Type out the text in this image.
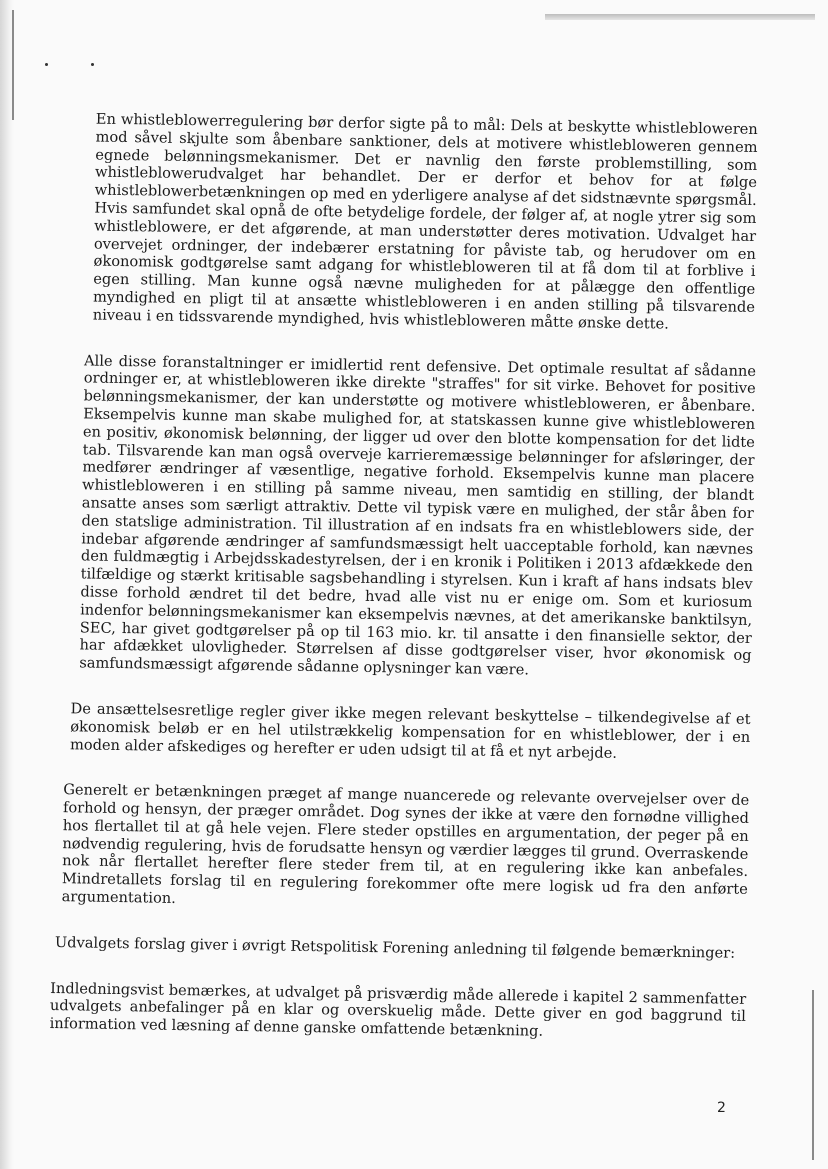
En whistleblowerregulering bør derfor sigte på to mål: Dels at beskytte whistlebloweren mod såvel skjulte som åbenbare sanktioner, dels at motivere whistlebloweren gennem egnede belønningsmekanismer. Det er navnlig den første problemstilling, som whistleblowerudvalget har behandlet. Der er derfor et behov for at følge whistleblowerbetænkningen op med en yderligere analyse af det sidstnævnte spørgsmål. Hvis samfundet skal opnå de ofte betydelige fordele, der følger af, at nogle ytrer sig som whistleblowere, er det afgørende, at man understøtter deres motivation. Udvalget har overvejet ordninger, der indebærer erstatning for påviste tab, og herudover om en økonomisk godtgørelse samt adgang for whistlebloweren til at få dom til at forblive i egen stilling. Man kunne også nævne muligheden for at pålægge den offentlige myndighed en pligt til at ansætte whistlebloweren i en anden stilling på tilsvarende niveau i en tidssvarende myndighed, hvis whistlebloweren måtte ønske dette.

Alle disse foranstaltninger er imidlertid rent defensive. Det optimale resultat af sådanne ordninger er, at whistlebloweren ikke direkte "straffes" for sit virke. Behovet for positive belønningsmekanismer, der kan understøtte og motivere whistlebloweren, er åbenbare. Eksempelvis kunne man skabe mulighed for, at statskassen kunne give whistlebloweren en positiv, økonomisk belønning, der ligger ud over den blotte kompensation for det lidte tab. Tilsvarende kan man også overveje karrieremæssige belønninger for afsløringer, der medfører ændringer af væsentlige, negative forhold. Eksempelvis kunne man placere whistlebloweren i en stilling på samme niveau, men samtidig en stilling, der blandt ansatte anses som særligt attraktiv. Dette vil typisk være en mulighed, der står åben for den statslige administration. Til illustration af en indsats fra en whistleblowers side, der indebar afgørende ændringer af samfundsmæssigt helt uacceptable forhold, kan nævnes den fuldmægtig i Arbejdsskadestyrelsen, der i en kronik i Politiken i 2013 afdækkede den tilfældige og stærkt kritisable sagsbehandling i styrelsen. Kun i kraft af hans indsats blev disse forhold ændret til det bedre, hvad alle vist nu er enige om. Som et kuriosum indenfor belønningsmekanismer kan eksempelvis nævnes, at det amerikanske banktilsyn, SEC, har givet godtgørelser på op til 163 mio. kr. til ansatte i den finansielle sektor, der har afdækket ulovligheder. Størrelsen af disse godtgørelser viser, hvor økonomisk og samfundsmæssigt afgørende sådanne oplysninger kan være.

De ansættelsesretlige regler giver ikke megen relevant beskyttelse – tilkendegivelse af et økonomisk beløb er en hel utilstrækkelig kompensation for en whistleblower, der i en moden alder afskediges og herefter er uden udsigt til at få et nyt arbejde.

Generelt er betænkningen præget af mange nuancerede og relevante overvejelser over de forhold og hensyn, der præger området. Dog synes der ikke at være den fornødne villighed hos flertallet til at gå hele vejen. Flere steder opstilles en argumentation, der peger på en nødvendig regulering, hvis de forudsatte hensyn og værdier lægges til grund. Overraskende nok når flertallet herefter flere steder frem til, at en regulering ikke kan anbefales. Mindretallets forslag til en regulering forekommer ofte mere logisk ud fra den anførte argumentation.

Udvalgets forslag giver i øvrigt Retspolitisk Forening anledning til følgende bemærkninger:

Indledningsvist bemærkes, at udvalget på prisværdig måde allerede i kapitel 2 sammenfatter udvalgets anbefalinger på en klar og overskuelig måde. Dette giver en god baggrund til information ved læsning af denne ganske omfattende betænkning.

2
